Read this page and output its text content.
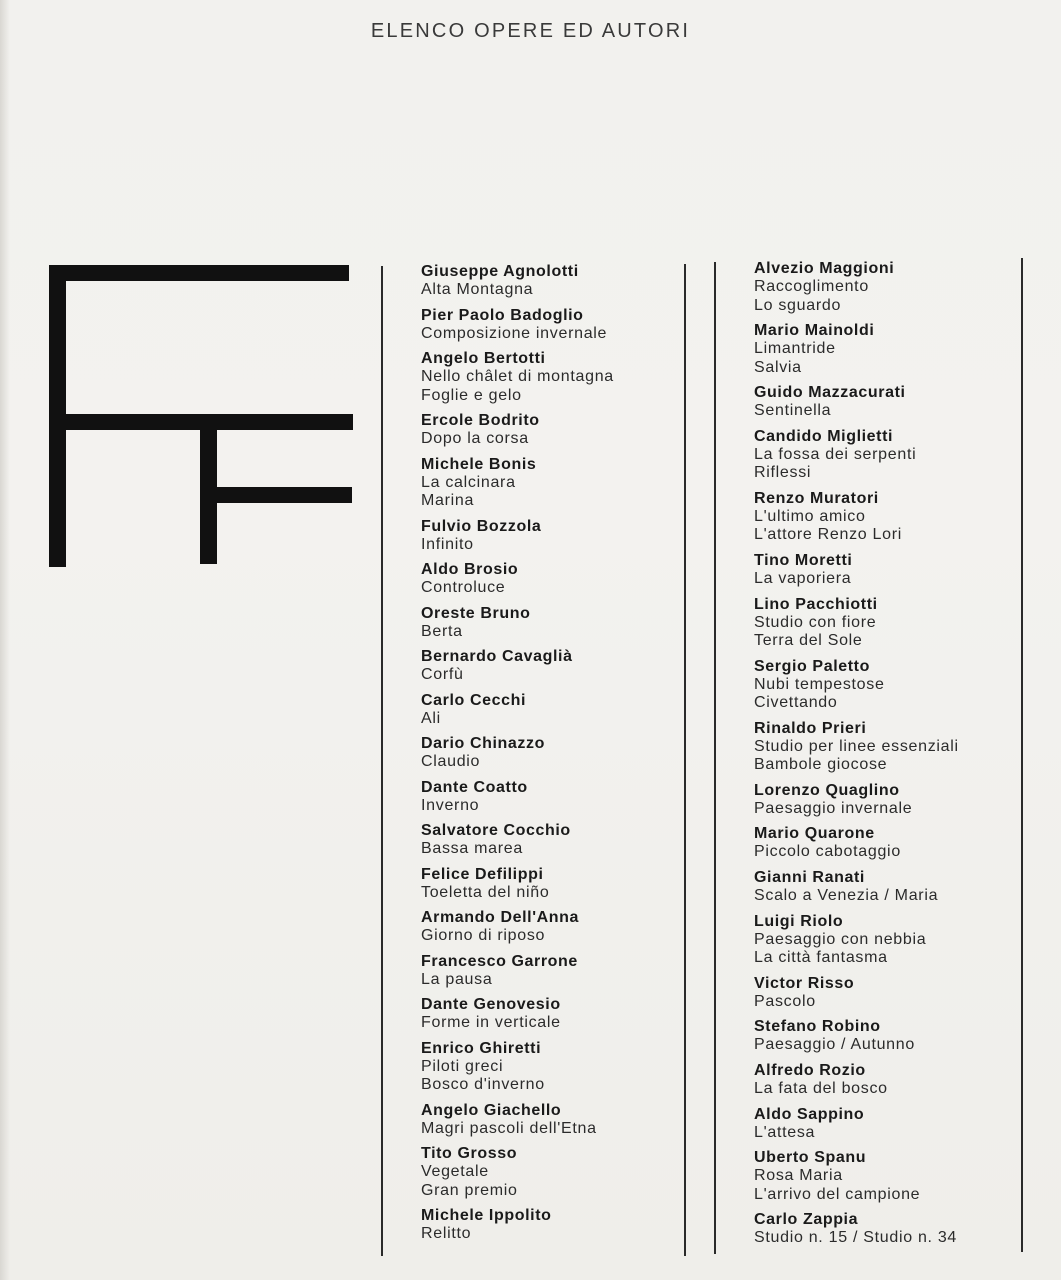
ELENCO OPERE ED AUTORI
Giuseppe Agnolotti
Alta Montagna
Pier Paolo Badoglio
Composizione invernale
Angelo Bertotti
Nello châlet di montagna
Foglie e gelo
Ercole Bodrito
Dopo la corsa
Michele Bonis
La calcinara
Marina
Fulvio Bozzola
Infinito
Aldo Brosio
Controluce
Oreste Bruno
Berta
Bernardo Cavaglià
Corfù
Carlo Cecchi
Ali
Dario Chinazzo
Claudio
Dante Coatto
Inverno
Salvatore Cocchio
Bassa marea
Felice Defilippi
Toeletta del niño
Armando Dell'Anna
Giorno di riposo
Francesco Garrone
La pausa
Dante Genovesio
Forme in verticale
Enrico Ghiretti
Piloti greci
Bosco d'inverno
Angelo Giachello
Magri pascoli dell'Etna
Tito Grosso
Vegetale
Gran premio
Michele Ippolito
Relitto
Alvezio Maggioni
Raccoglimento
Lo sguardo
Mario Mainoldi
Limantride
Salvia
Guido Mazzacurati
Sentinella
Candido Miglietti
La fossa dei serpenti
Riflessi
Renzo Muratori
L'ultimo amico
L'attore Renzo Lori
Tino Moretti
La vaporiera
Lino Pacchiotti
Studio con fiore
Terra del Sole
Sergio Paletto
Nubi tempestose
Civettando
Rinaldo Prieri
Studio per linee essenziali
Bambole giocose
Lorenzo Quaglino
Paesaggio invernale
Mario Quarone
Piccolo cabotaggio
Gianni Ranati
Scalo a Venezia / Maria
Luigi Riolo
Paesaggio con nebbia
La città fantasma
Victor Risso
Pascolo
Stefano Robino
Paesaggio / Autunno
Alfredo Rozio
La fata del bosco
Aldo Sappino
L'attesa
Uberto Spanu
Rosa Maria
L'arrivo del campione
Carlo Zappia
Studio n. 15 / Studio n. 34
